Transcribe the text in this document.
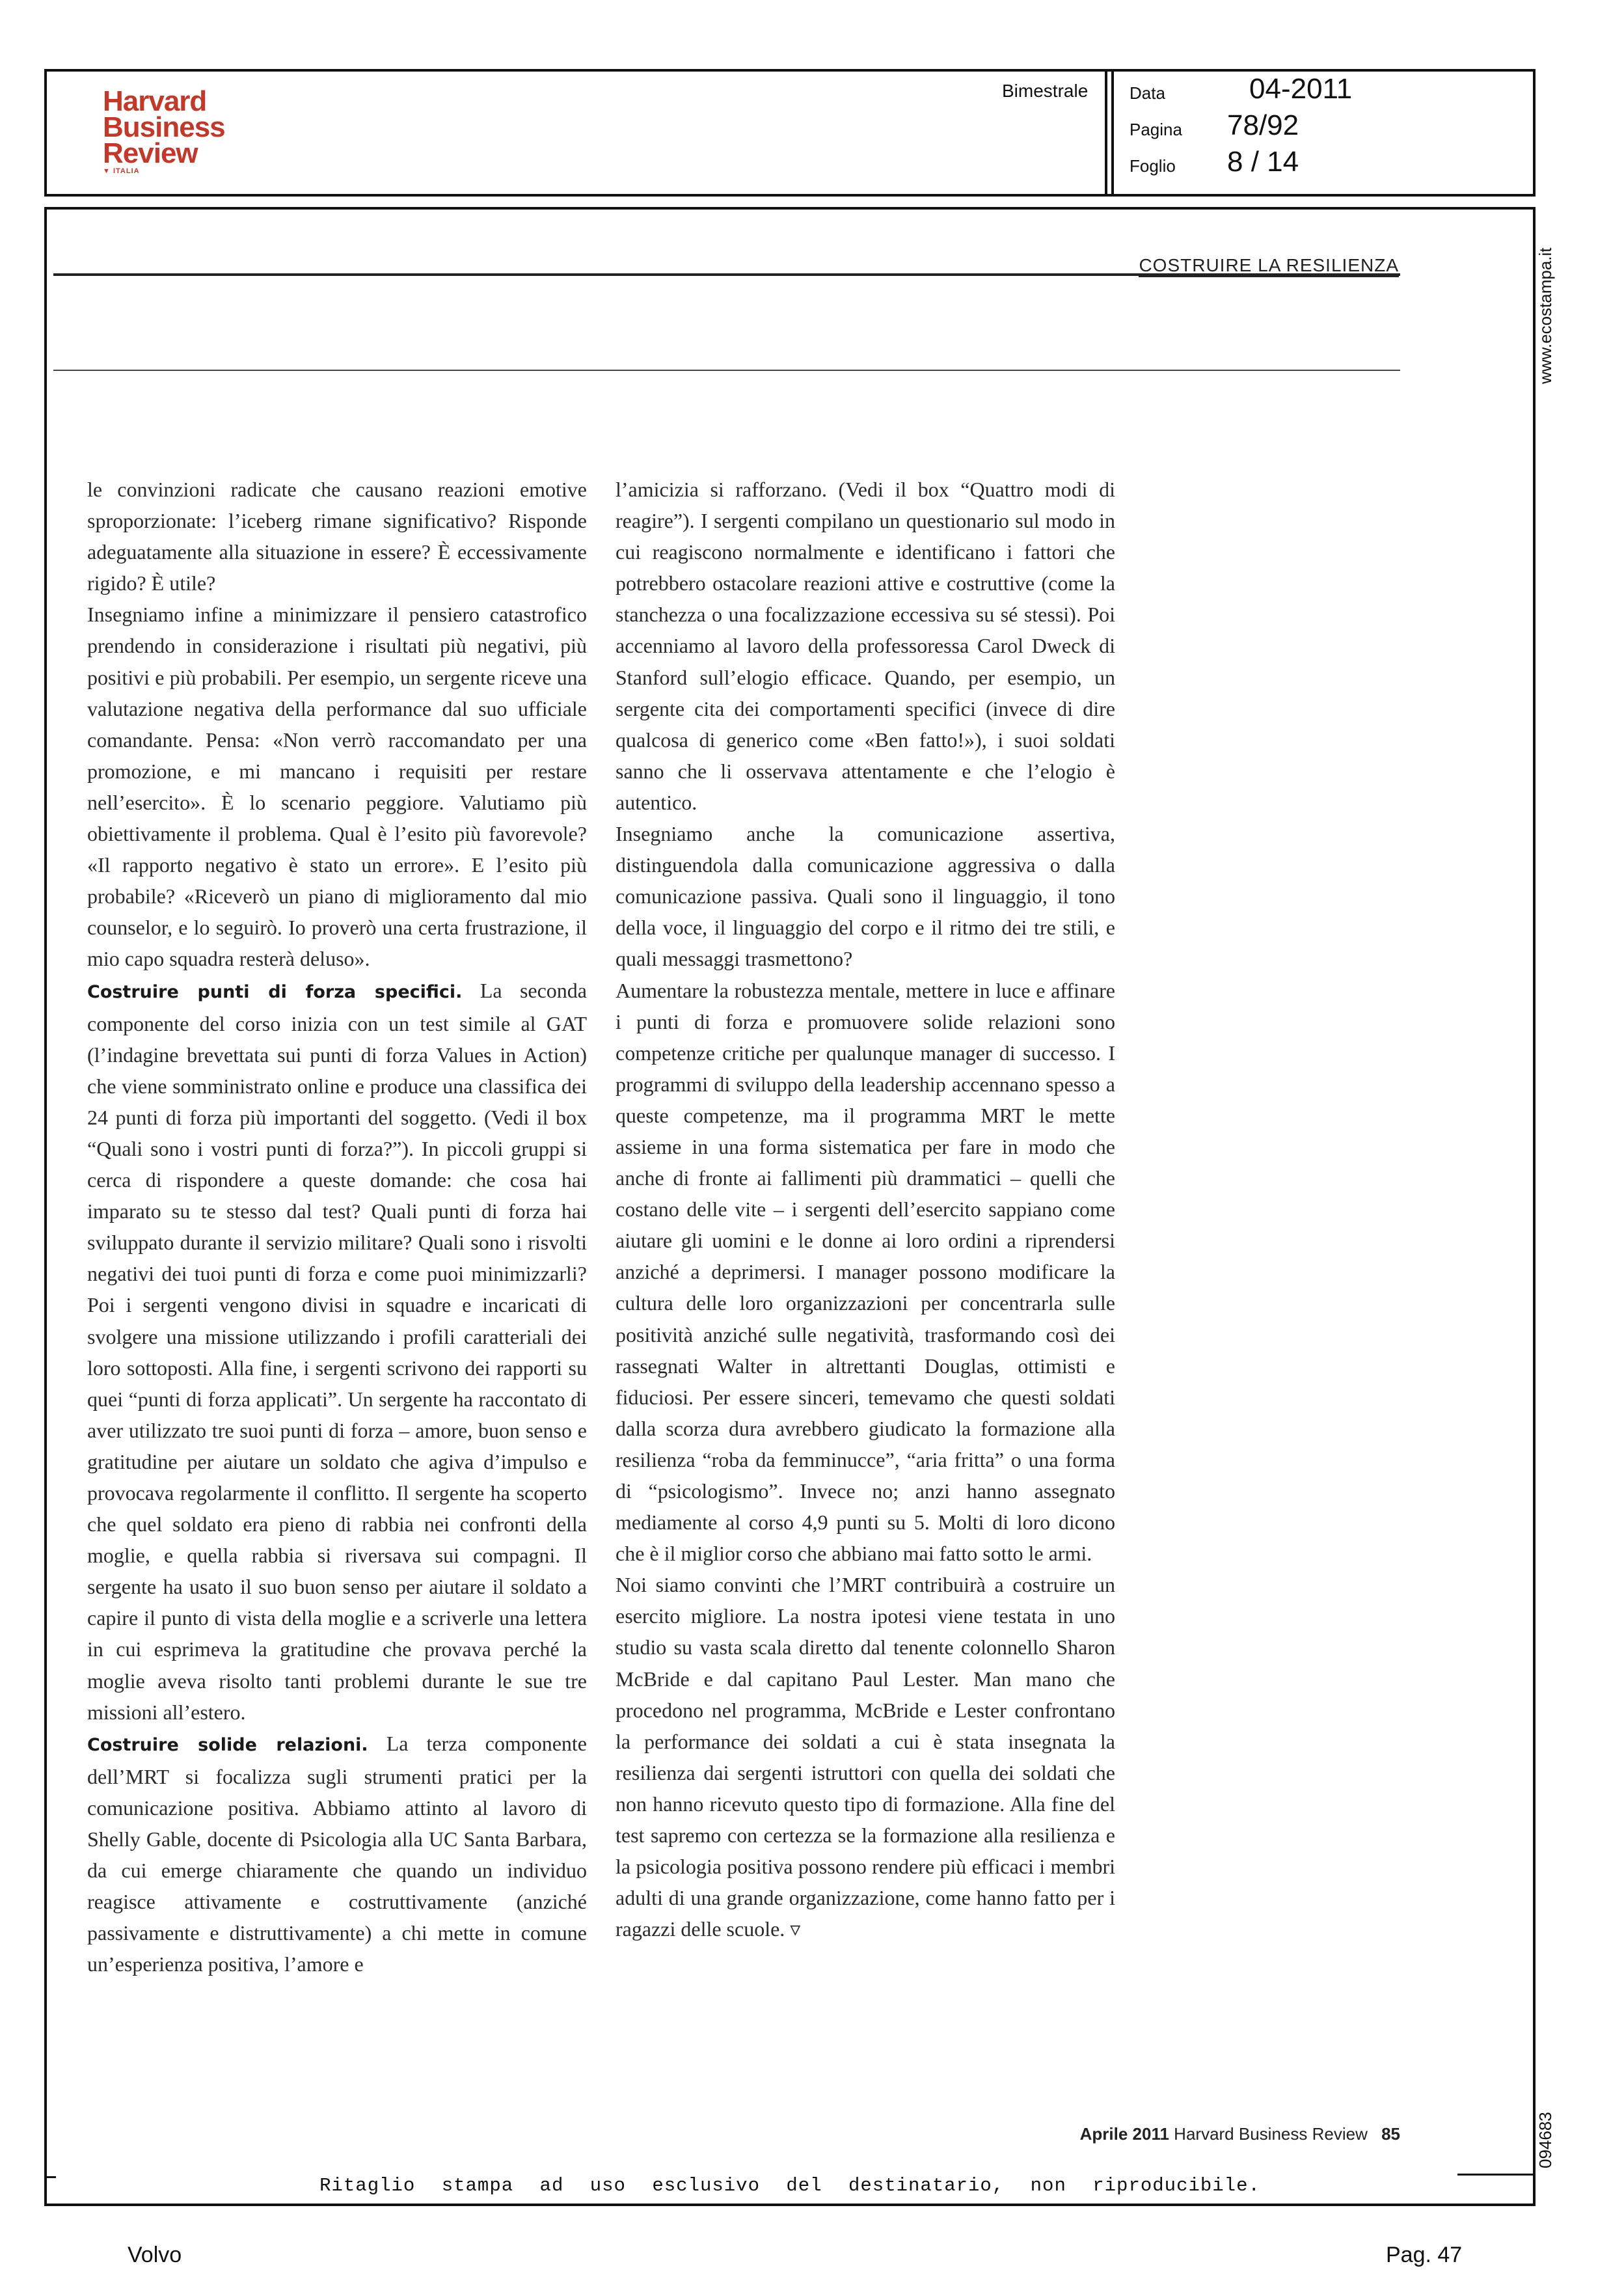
Harvard
Business
Review
▼ ITALIA
Bimestrale Data	04-2011
Pagina 78/92
Foglio 8 / 14
www.ecostampa.it
094683
COSTRUIRE LA RESILIENZA

le convinzioni radicate che causano reazioni emotive sproporzionate: l’iceberg rimane significativo? Risponde adeguatamente alla situazione in essere? È eccessivamente rigido? È utile?

Insegniamo infine a minimizzare il pensiero catastrofico prendendo in considerazione i risultati più negativi, più positivi e più probabili. Per esempio, un sergente riceve una valutazione negativa della performance dal suo ufficiale comandante. Pensa: «Non verrò raccomandato per una promozione, e mi mancano i requisiti per restare nell’esercito». È lo scenario peggiore. Valutiamo più obiettivamente il problema. Qual è l’esito più favorevole? «Il rapporto negativo è stato un errore». E l’esito più probabile? «Riceverò un piano di miglioramento dal mio counselor, e lo seguirò. Io proverò una certa frustrazione, il mio capo squadra resterà deluso».

Costruire punti di forza specifici. La seconda componente del corso inizia con un test simile al GAT (l’indagine brevettata sui punti di forza Values in Action) che viene somministrato online e produce una classifica dei 24 punti di forza più importanti del soggetto. (Vedi il box “Quali sono i vostri punti di forza?”). In piccoli gruppi si cerca di rispondere a queste domande: che cosa hai imparato su te stesso dal test? Quali punti di forza hai sviluppato durante il servizio militare? Quali sono i risvolti negativi dei tuoi punti di forza e come puoi minimizzarli? Poi i sergenti vengono divisi in squadre e incaricati di svolgere una missione utilizzando i profili caratteriali dei loro sottoposti. Alla fine, i sergenti scrivono dei rapporti su quei “punti di forza applicati”. Un sergente ha raccontato di aver utilizzato tre suoi punti di forza – amore, buon senso e gratitudine per aiutare un soldato che agiva d’impulso e provocava regolarmente il conflitto. Il sergente ha scoperto che quel soldato era pieno di rabbia nei confronti della moglie, e quella rabbia si riversava sui compagni. Il sergente ha usato il suo buon senso per aiutare il soldato a capire il punto di vista della moglie e a scriverle una lettera in cui esprimeva la gratitudine che provava perché la moglie aveva risolto tanti problemi durante le sue tre missioni all’estero.

Costruire solide relazioni. La terza componente dell’MRT si focalizza sugli strumenti pratici per la comunicazione positiva. Abbiamo attinto al lavoro di Shelly Gable, docente di Psicologia alla UC Santa Barbara, da cui emerge chiaramente che quando un individuo reagisce attivamente e costruttivamente (anziché passivamente e distruttivamente) a chi mette in comune un’esperienza positiva, l’amore e

l’amicizia si rafforzano. (Vedi il box “Quattro modi di reagire”). I sergenti compilano un questionario sul modo in cui reagiscono normalmente e identificano i fattori che potrebbero ostacolare reazioni attive e costruttive (come la stanchezza o una focalizzazione eccessiva su sé stessi). Poi accenniamo al lavoro della professoressa Carol Dweck di Stanford sull’elogio efficace. Quando, per esempio, un sergente cita dei comportamenti specifici (invece di dire qualcosa di generico come «Ben fatto!»), i suoi soldati sanno che li osservava attentamente e che l’elogio è autentico.

Insegniamo anche la comunicazione assertiva, distinguendola dalla comunicazione aggressiva o dalla comunicazione passiva. Quali sono il linguaggio, il tono della voce, il linguaggio del corpo e il ritmo dei tre stili, e quali messaggi trasmettono?

Aumentare la robustezza mentale, mettere in luce e affinare i punti di forza e promuovere solide relazioni sono competenze critiche per qualunque manager di successo. I programmi di sviluppo della leadership accennano spesso a queste competenze, ma il programma MRT le mette assieme in una forma sistematica per fare in modo che anche di fronte ai fallimenti più drammatici – quelli che costano delle vite – i sergenti dell’esercito sappiano come aiutare gli uomini e le donne ai loro ordini a riprendersi anziché a deprimersi. I manager possono modificare la cultura delle loro organizzazioni per concentrarla sulle positività anziché sulle negatività, trasformando così dei rassegnati Walter in altrettanti Douglas, ottimisti e fiduciosi. Per essere sinceri, temevamo che questi soldati dalla scorza dura avrebbero giudicato la formazione alla resilienza “roba da femminucce”, “aria fritta” o una forma di “psicologismo”. Invece no; anzi hanno assegnato mediamente al corso 4,9 punti su 5. Molti di loro dicono che è il miglior corso che abbiano mai fatto sotto le armi.

Noi siamo convinti che l’MRT contribuirà a costruire un esercito migliore. La nostra ipotesi viene testata in uno studio su vasta scala diretto dal tenente colonnello Sharon McBride e dal capitano Paul Lester. Man mano che procedono nel programma, McBride e Lester confrontano la performance dei soldati a cui è stata insegnata la resilienza dai sergenti istruttori con quella dei soldati che non hanno ricevuto questo tipo di formazione. Alla fine del test sapremo con certezza se la formazione alla resilienza e la psicologia positiva possono rendere più efficaci i membri adulti di una grande organizzazione, come hanno fatto per i ragazzi delle scuole. ▿

Aprile 2011 Harvard Business Review 85
Ritaglio stampa ad uso esclusivo del destinatario, non riproducibile.
Volvo	Pag. 47
